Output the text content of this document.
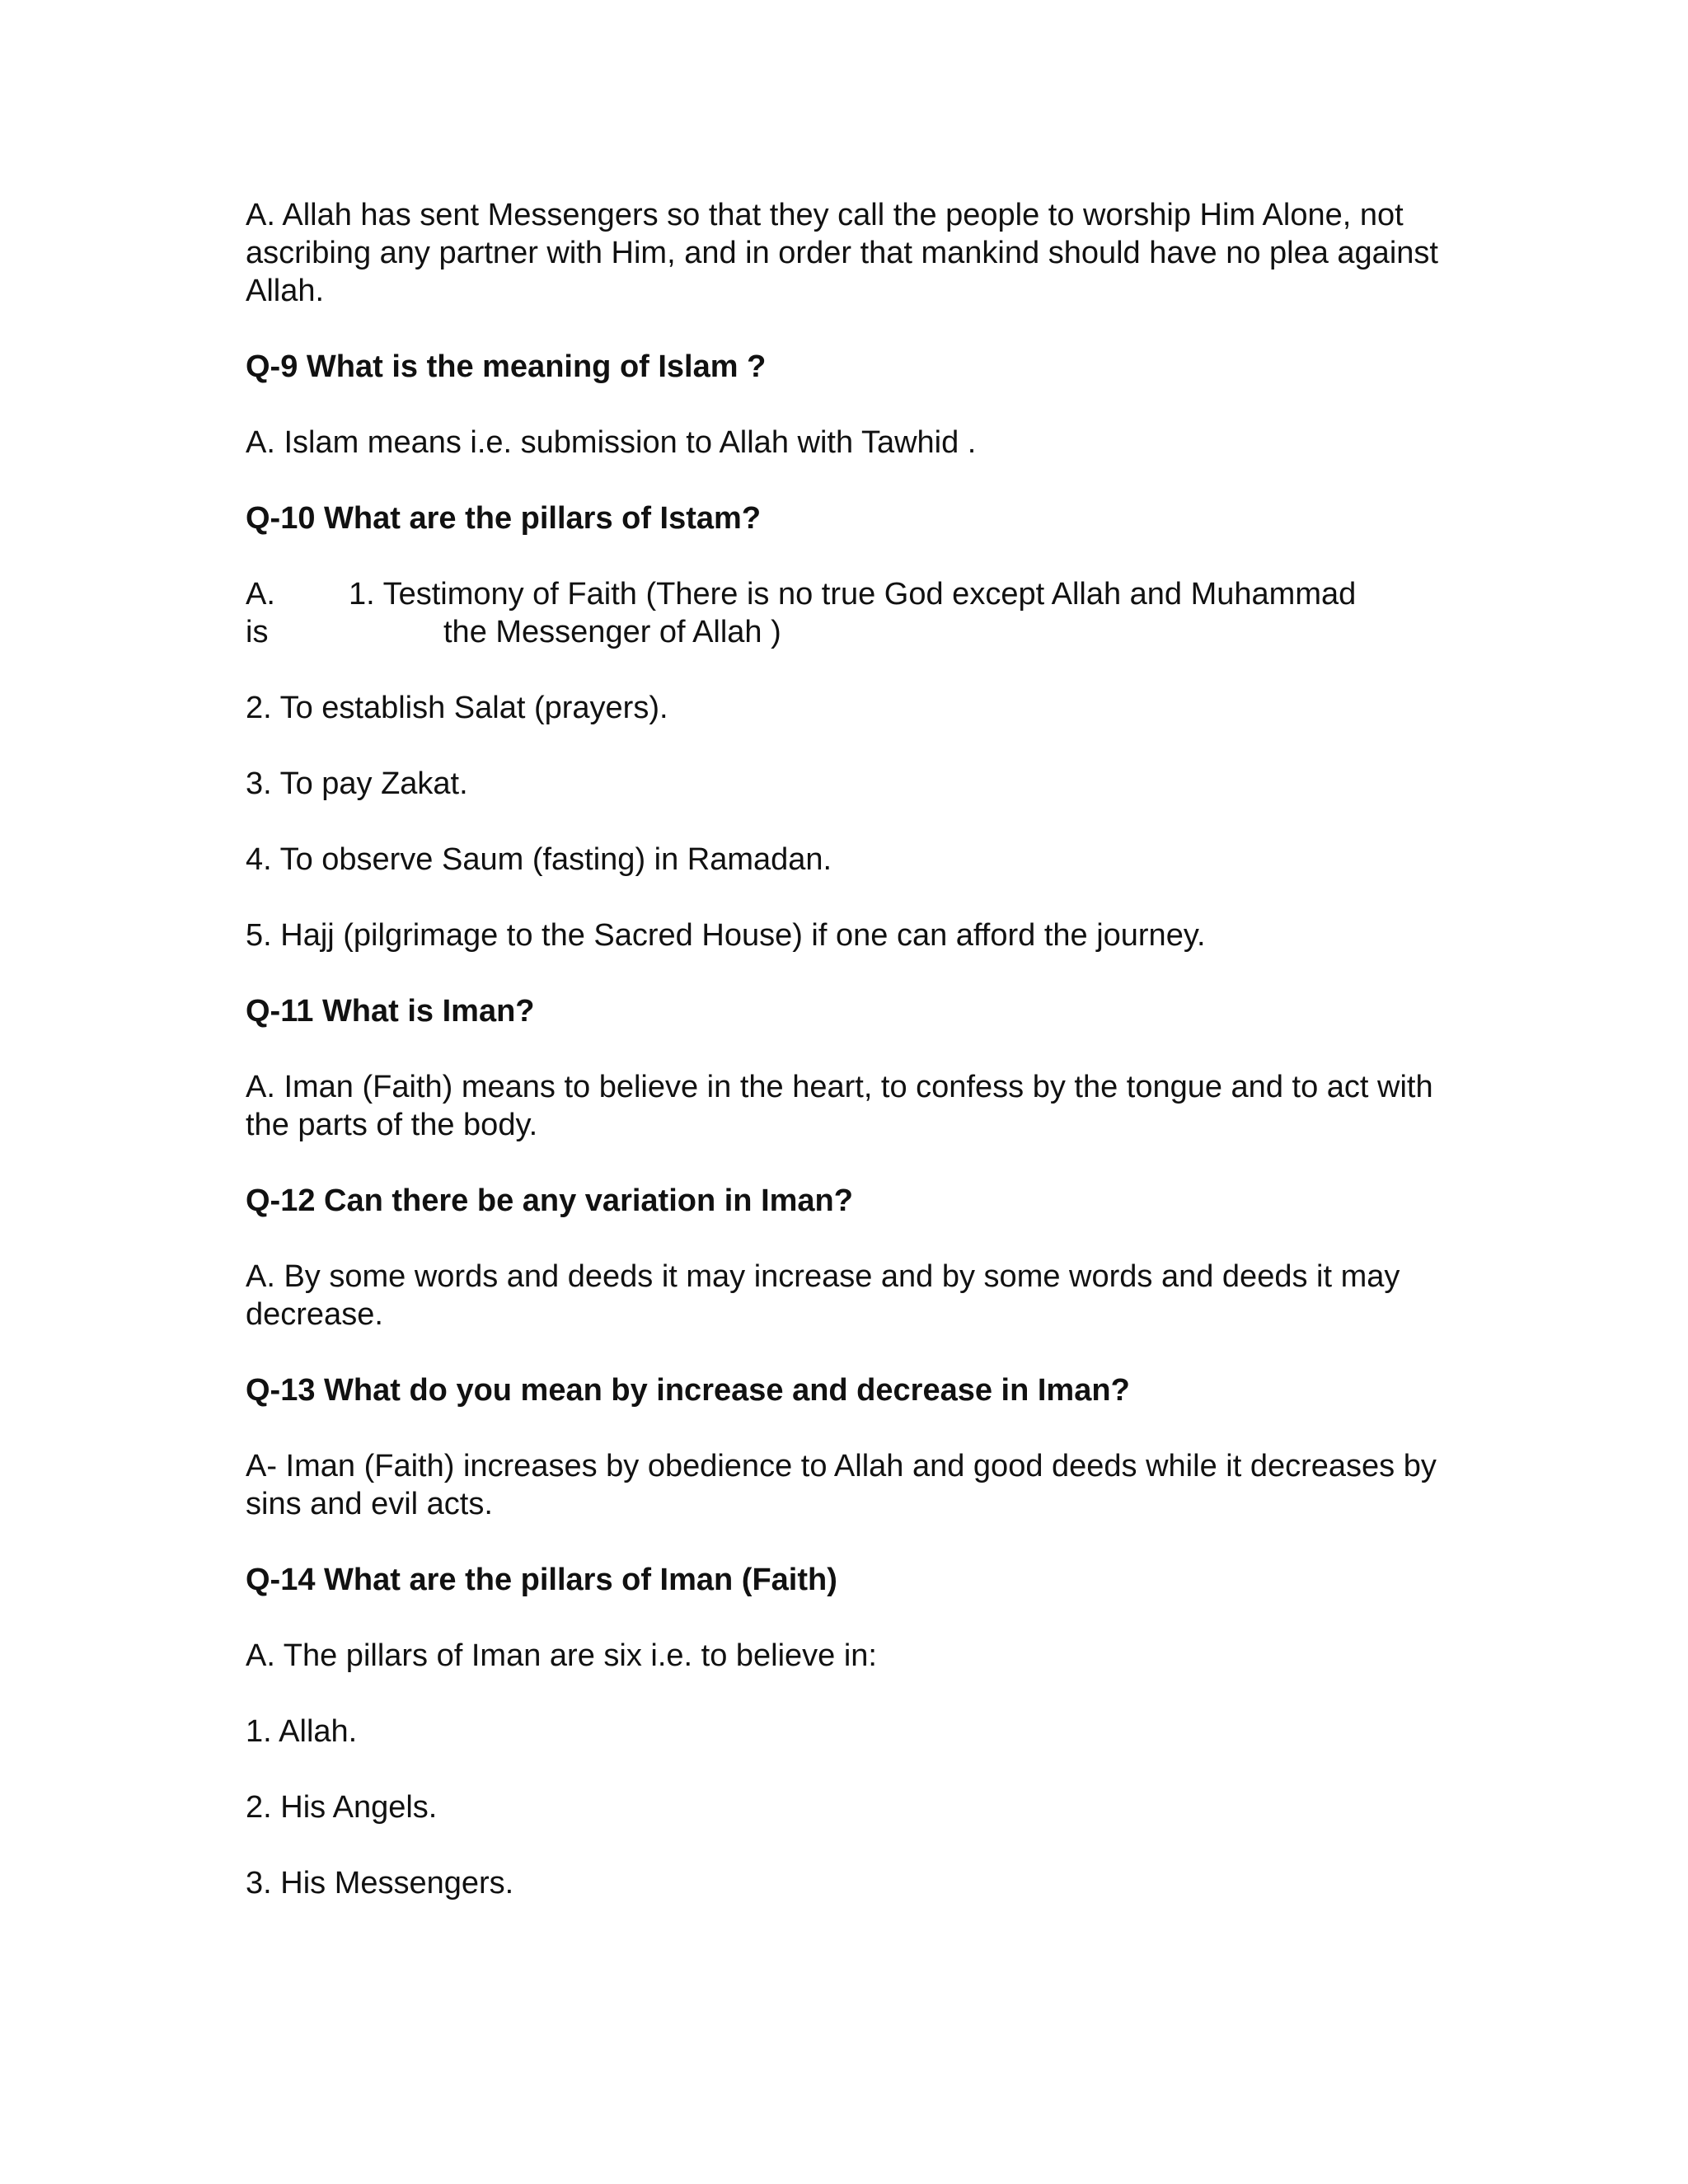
A. Allah has sent Messengers so that they call the people to worship Him Alone, not ascribing any partner with Him, and in order that mankind should have no plea against Allah.

Q-9 What is the meaning of Islam ?

A. Islam means i.e. submission to Allah with Tawhid .

Q-10 What are the pillars of Istam?

A. 1. Testimony of Faith (There is no true God except Allah and Muhammad
is	the Messenger of Allah )

2. To establish Salat (prayers).

3. To pay Zakat.

4. To observe Saum (fasting) in Ramadan.

5. Hajj (pilgrimage to the Sacred House) if one can afford the journey.

Q-11 What is Iman?

A. Iman (Faith) means to believe in the heart, to confess by the tongue and to act with the parts of the body.

Q-12 Can there be any variation in Iman?

A. By some words and deeds it may increase and by some words and deeds it may decrease.

Q-13 What do you mean by increase and decrease in Iman?

A- Iman (Faith) increases by obedience to Allah and good deeds while it decreases by sins and evil acts.

Q-14 What are the pillars of Iman (Faith)

A. The pillars of Iman are six i.e. to believe in:

1. Allah.

2. His Angels.

3. His Messengers.
